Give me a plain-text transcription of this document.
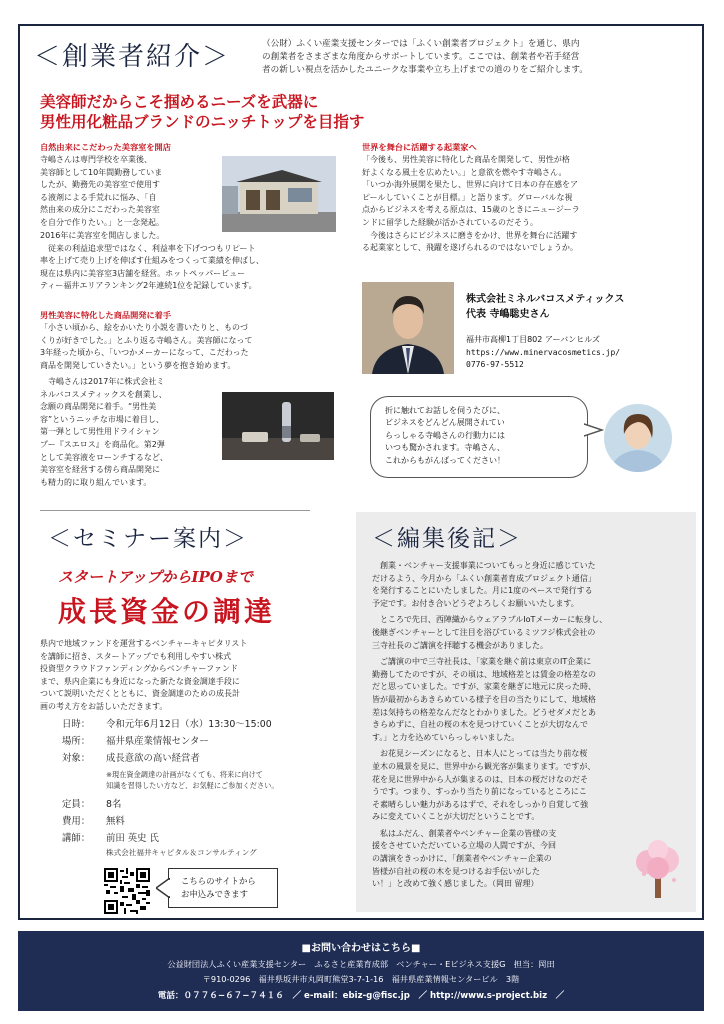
＜創業者紹介＞	（公財）ふくい産業支援センターでは「ふくい創業者プロジェクト」を通じ、県内
の創業者をさまざまな角度からサポートしています。ここでは、創業者や若手経営
者の新しい視点を活かしたユニークな事業や立ち上げまでの道のりをご紹介します。
美容師だからこそ掴めるニーズを武器に
男性用化粧品ブランドのニッチトップを目指す
自然由来にこだわった美容室を開店
寺嶋さんは専門学校を卒業後、
美容師として10年間勤務していま
したが、勤務先の美容室で使用す
る液剤による手荒れに悩み、「自
然由来の成分にこだわった美容室
を自分で作りたい。」と一念発起。
2016年に美容室を開店しました。
　従来の利益追求型ではなく、利益率を下げつつもリピート
率を上げて売り上げを伸ばす仕組みをつくって業績を伸ばし、
現在は県内に美容室3店舗を経営。ホットペッパービュー
ティー福井エリアランキング2年連続1位を記録しています。
男性美容に特化した商品開発に着手
「小さい頃から、絵をかいたり小説を書いたりと、ものづ
くりが好きでした。」とふり返る寺嶋さん。美容師になって
3年経った頃から、「いつかメーカーになって、こだわった
商品を開発していきたい。」という夢を抱き始めます。
　寺嶋さんは2017年に株式会社ミ
ネルバコスメティックスを創業し、
念願の商品開発に着手。“男性美
容”というニッチな市場に着目し、
第一弾として男性用ドライシャン
プー『スエロス』を商品化。第2弾
として美容液をローンチするなど、
美容室を経営する傍ら商品開発に
も精力的に取り組んでいます。
世界を舞台に活躍する起業家へ
「今後も、男性美容に特化した商品を開発して、男性が格
好よくなる風土を広めたい。」と意欲を燃やす寺嶋さん。
「いつか海外展開を果たし、世界に向けて日本の存在感をア
ピールしていくことが目標。」と語ります。グローバルな視
点からビジネスを考える原点は、15歳のときにニュージーラ
ンドに留学した経験が活かされているのだそう。
　今後はさらにビジネスに磨きをかけ、世界を舞台に活躍す
る起業家として、飛躍を遂げられるのではないでしょうか。
株式会社ミネルバコスメティックス
代表 寺嶋聡史さん
福井市高柳1丁目802 アーバンヒルズ
https://www.minervacosmetics.jp/
0776-97-5512
折に触れてお話しを伺うたびに、
ビジネスをどんどん展開されてい
らっしゃる寺嶋さんの行動力には
いつも驚かされます。寺嶋さん、
これからもがんばってください！
＜セミナー案内＞
スタートアップからIPOまで
成長資金の調達
県内で地域ファンドを運営するベンチャーキャピタリスト
を講師に招き、スタートアップでも利用しやすい株式
投資型クラウドファンディングからベンチャーファンド
まで、県内企業にも身近になった新たな資金調達手段に
ついて説明いただくとともに、資金調達のための成長計
画の考え方をお話しいただきます。
日時： 令和元年6月12日（水）13:30〜15:00
場所： 福井県産業情報センター
対象： 成長意欲の高い経営者
※現在資金調達の計画がなくても、将来に向けて
知識を習得したい方など、お気軽にご参加ください。
定員： 8名
費用： 無料
講師： 前田 英史 氏
株式会社福井キャピタル＆コンサルティング
こちらのサイトから
お申込みできます
＜編集後記＞
　創業・ベンチャー支援事業についてもっと身近に感じていた
だけるよう、今月から「ふくい創業者育成プロジェクト通信」
を発行することにいたしました。月に1度のペースで発行する
予定です。お付き合いどうぞよろしくお願いいたします。
　ところで先日、西陣織からウェアラブルIoTメーカーに転身し、
後継ぎベンチャーとして注目を浴びているミツフジ株式会社の
三寺社長のご講演を拝聴する機会がありました。
　ご講演の中で三寺社長は、「家業を継ぐ前は東京のIT企業に
勤務してたのですが、その頃は、地域格差とは賃金の格差なの
だと思っていました。ですが、家業を継ぎに地元に戻った時、
皆が最初からあきらめている様子を目の当たりにして、地域格
差は気持ちの格差なんだなとわかりました。どうせダメだとあ
きらめずに、自社の桜の木を見つけていくことが大切なんで
す。」と力を込めていらっしゃいました。
　お花見シーズンになると、日本人にとっては当たり前な桜
並木の風景を見に、世界中から観光客が集まります。ですが、
花を見に世界中から人が集まるのは、日本の桜だけなのだそ
うです。つまり、すっかり当たり前になっているところにこ
そ素晴らしい魅力があるはずで、それをしっかり自覚して強
みに変えていくことが大切だということです。
　私はふだん、創業者やベンチャー企業の皆様の支
援をさせていただいている立場の人間ですが、今回
の講演をきっかけに、「創業者やベンチャー企業の
皆様が自社の桜の木を見つけるお手伝いがした
い！」と改めて強く感じました。（岡田 留理）
■お問い合わせはこちら■
公益財団法人ふくい産業支援センター　ふるさと産業育成部　ベンチャー・Eビジネス支援G　担当：岡田
〒910-0296　福井県坂井市丸岡町熊堂3-7-1-16　福井県産業情報センタービル　3階
電話：０７７６−６７−７４１６　／ e-mail：ebiz-g@fisc.jp　／ http://www.s-project.biz　／
